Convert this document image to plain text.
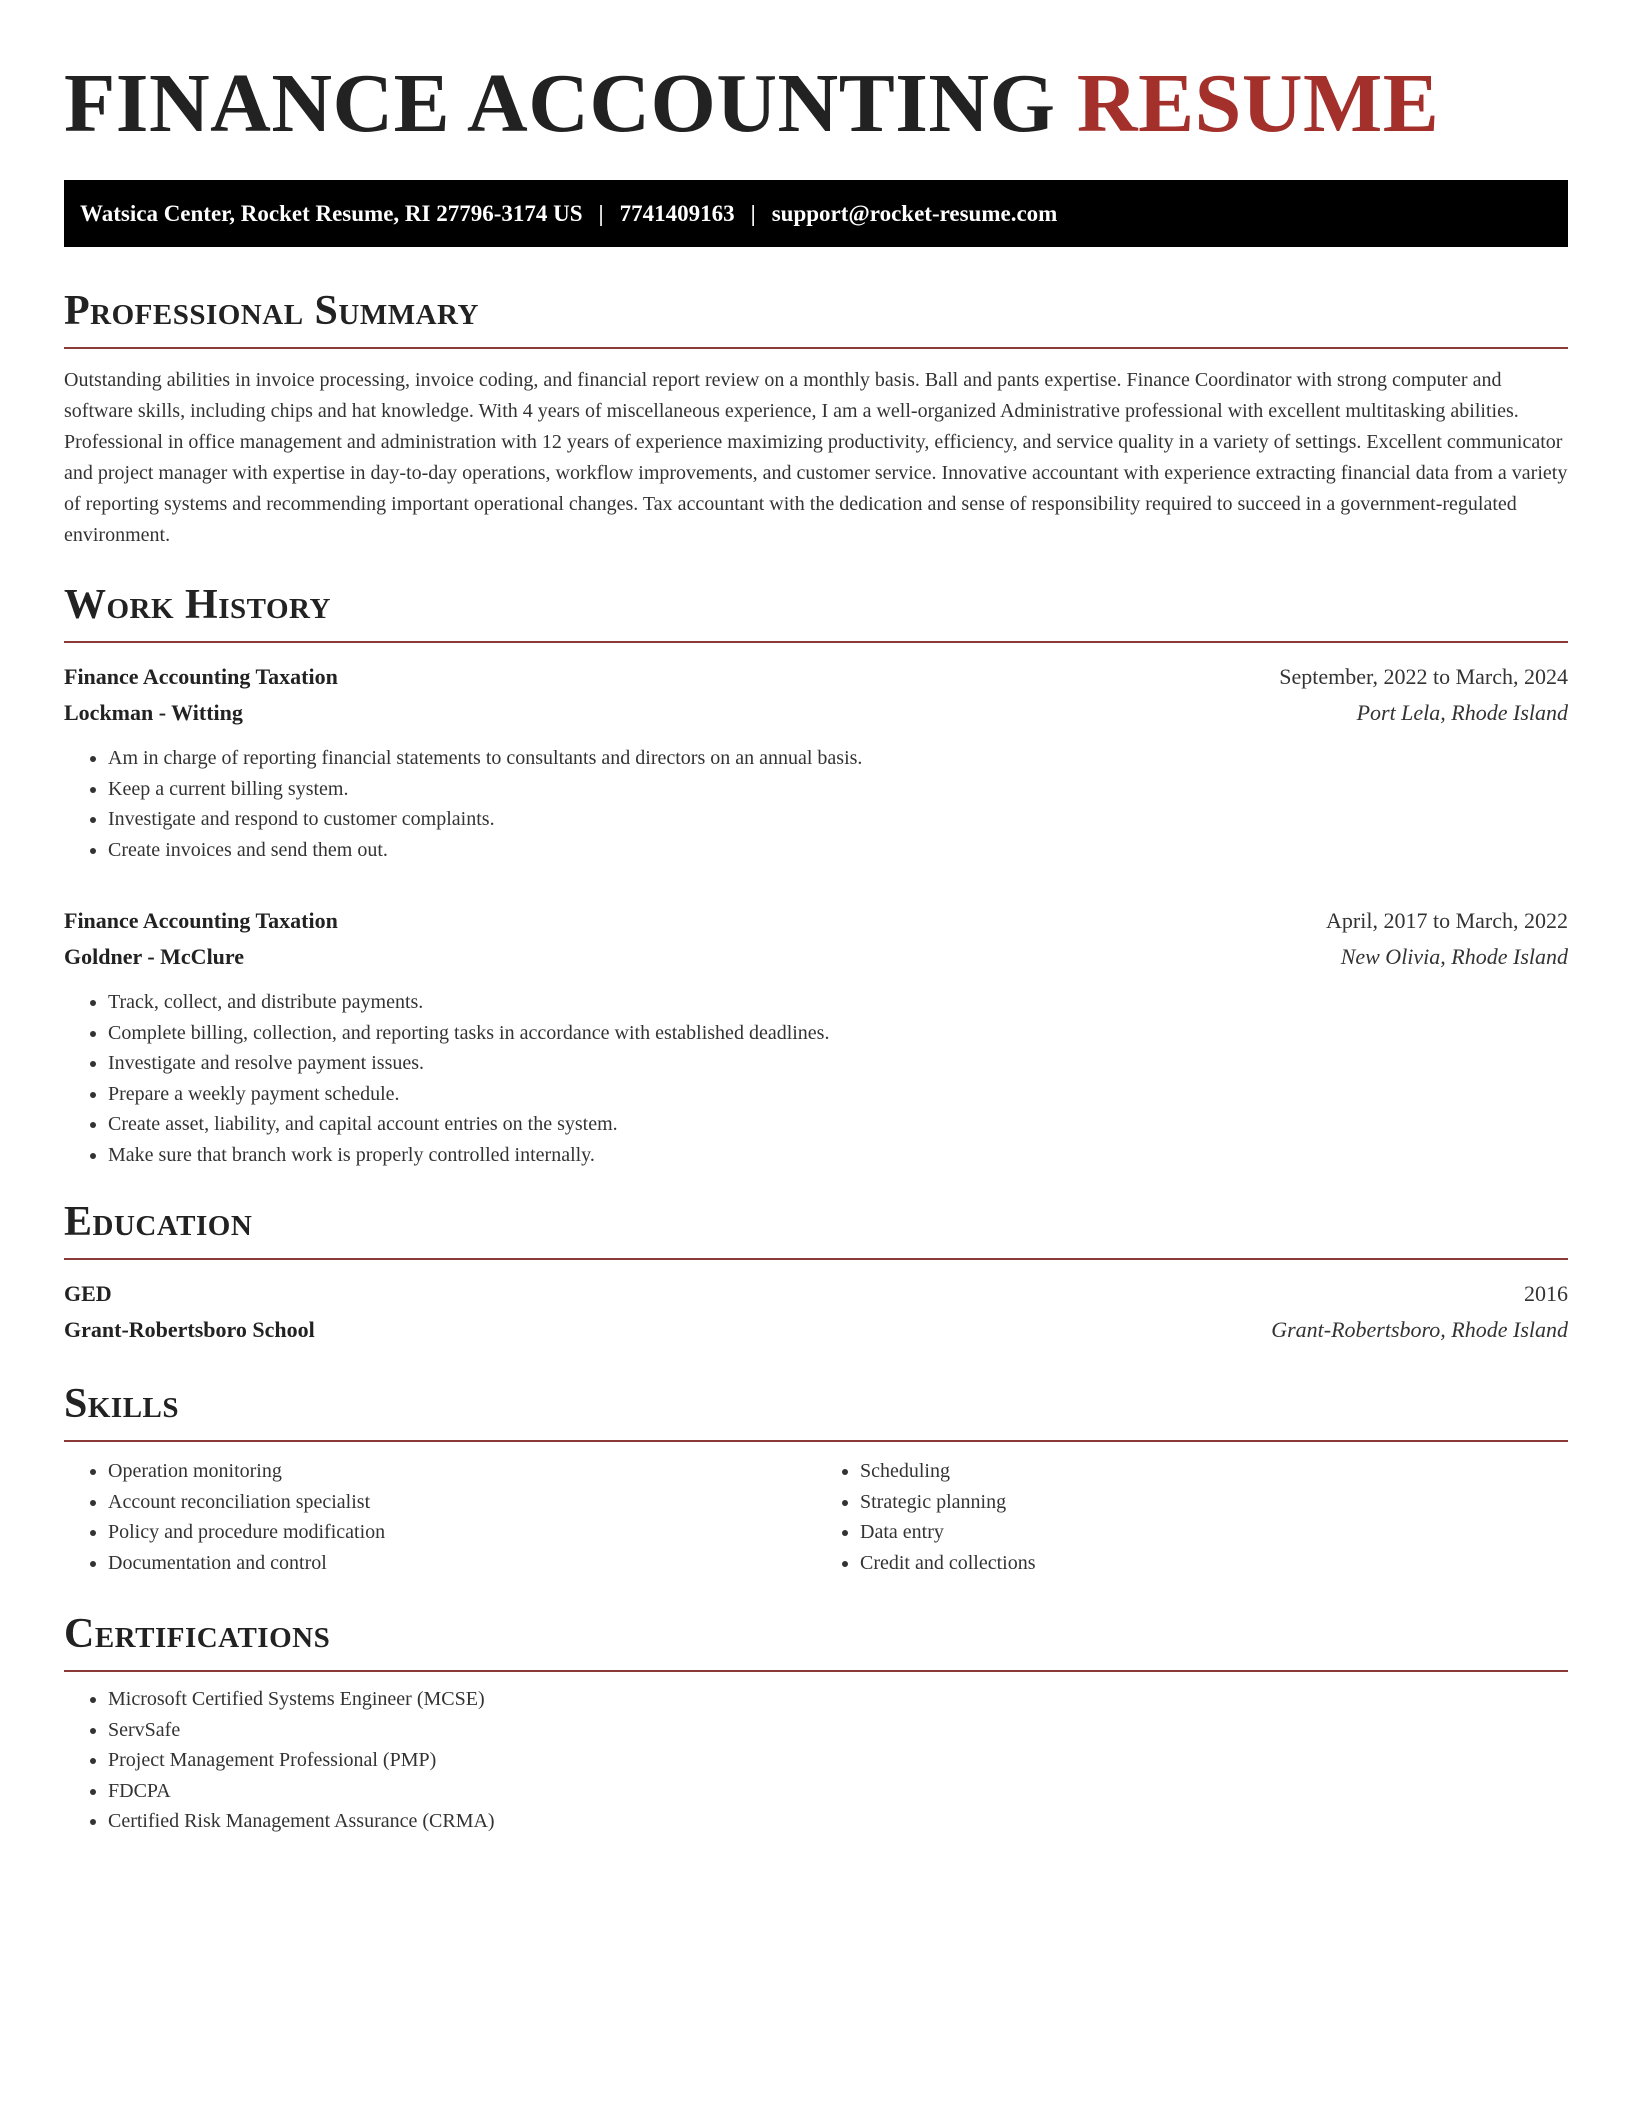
FINANCE ACCOUNTING RESUME
Watsica Center, Rocket Resume, RI 27796-3174 US | 7741409163 | support@rocket-resume.com
Professional Summary

Outstanding abilities in invoice processing, invoice coding, and financial report review on a monthly basis. Ball and pants expertise. Finance Coordinator with strong computer and software skills, including chips and hat knowledge. With 4 years of miscellaneous experience, I am a well-organized Administrative professional with excellent multitasking abilities. Professional in office management and administration with 12 years of experience maximizing productivity, efficiency, and service quality in a variety of settings. Excellent communicator and project manager with expertise in day-to-day operations, workflow improvements, and customer service. Innovative accountant with experience extracting financial data from a variety of reporting systems and recommending important operational changes. Tax accountant with the dedication and sense of responsibility required to succeed in a government-regulated environment.

Work History
Finance Accounting Taxation	September, 2022 to March, 2024
Lockman - Witting	Port Lela, Rhode Island
• Am in charge of reporting financial statements to consultants and directors on an annual basis.
• Keep a current billing system.
• Investigate and respond to customer complaints.
• Create invoices and send them out.
Finance Accounting Taxation	April, 2017 to March, 2022
Goldner - McClure	New Olivia, Rhode Island
• Track, collect, and distribute payments.
• Complete billing, collection, and reporting tasks in accordance with established deadlines.
• Investigate and resolve payment issues.
• Prepare a weekly payment schedule.
• Create asset, liability, and capital account entries on the system.
• Make sure that branch work is properly controlled internally.
Education
GED	2016
Grant-Robertsboro School	Grant-Robertsboro, Rhode Island
Skills
• Operation monitoring
• Account reconciliation specialist
• Policy and procedure modification
• Documentation and control
• Scheduling
• Strategic planning
• Data entry
• Credit and collections
Certifications
• Microsoft Certified Systems Engineer (MCSE)
• ServSafe
• Project Management Professional (PMP)
• FDCPA
• Certified Risk Management Assurance (CRMA)
